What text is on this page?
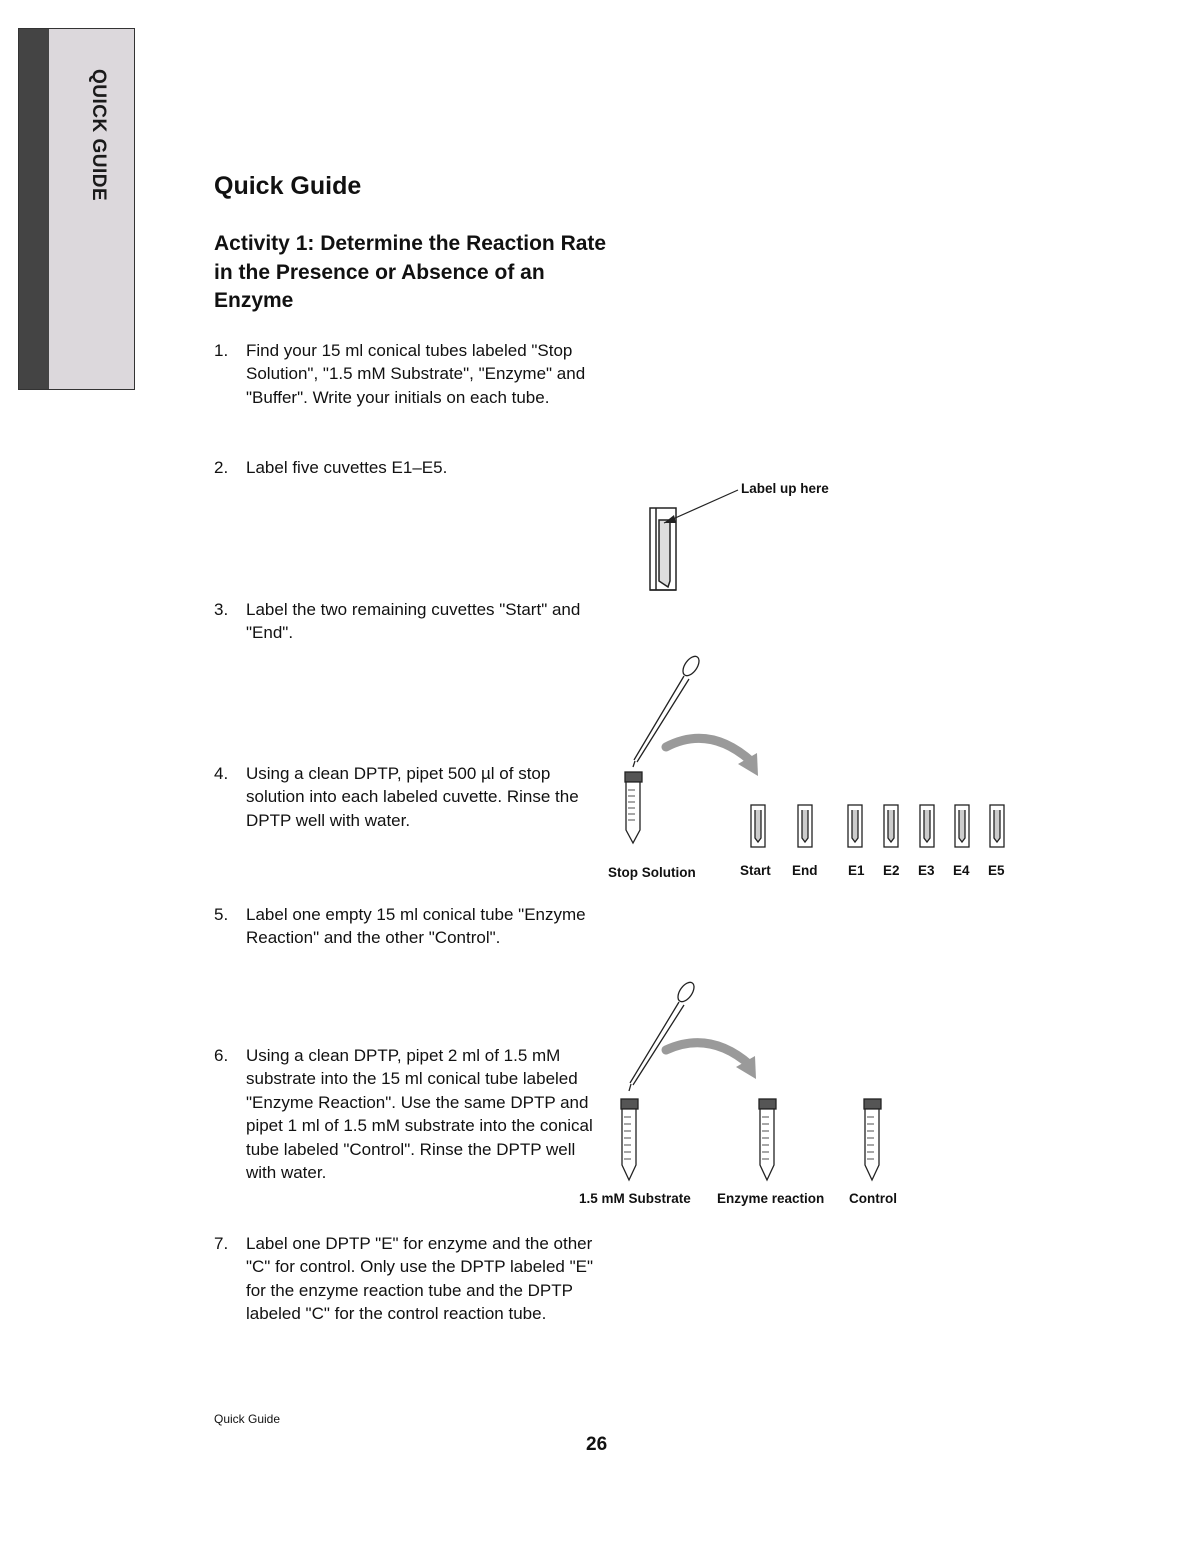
QUICK GUIDE	Quick Guide
Activity 1: Determine the Reaction Rate in the Presence or Absence of an Enzyme
1. Find your 15 ml conical tubes labeled "Stop Solution", "1.5 mM Substrate", "Enzyme" and "Buffer". Write your initials on each tube.
2. Label five cuvettes E1–E5.
3. Label the two remaining cuvettes "Start" and "End".
4. Using a clean DPTP, pipet 500 µl of stop solution into each labeled cuvette. Rinse the DPTP well with water.
5. Label one empty 15 ml conical tube "Enzyme Reaction" and the other "Control".
6. Using a clean DPTP, pipet 2 ml of 1.5 mM substrate into the 15 ml conical tube labeled "Enzyme Reaction". Use the same DPTP and pipet 1 ml of 1.5 mM substrate into the conical tube labeled "Control". Rinse the DPTP well with water.
7. Label one DPTP "E" for enzyme and the other "C" for control. Only use the DPTP labeled "E" for the enzyme reaction tube and the DPTP labeled "C" for the control reaction tube.
Label up here
Stop Solution	Start End E1 E2 E3 E4 E5
1.5 mM Substrate Enzyme reaction Control
Quick Guide
26
